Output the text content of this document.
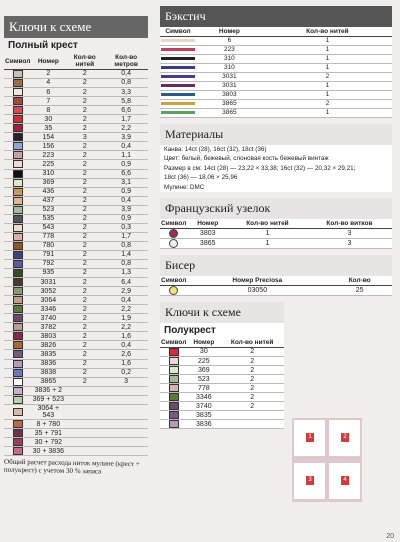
Ключи к схеме
Полный крест
Символ	Номер	Кол-во нитей	Кол-во метров
	2	2	0,4
	4	2	0,8
	6	2	3,3
	7	2	5,8
	8	2	6,6
	30	2	1,7
	35	2	2,2
	154	3	3,9
	156	2	0,4
	223	2	1,1
	225	2	0,9
	310	2	6,6
	369	2	3,1
	436	2	0,9
	437	2	0,4
	523	2	3,9
	535	2	0,9
	543	2	0,3
	778	2	1,7
	780	2	0,8
	791	2	1,4
	792	2	0,8
	935	2	1,3
	3031	2	6,4
	3052	2	2,9
	3064	2	0,4
	3346	2	2,2
	3740	2	1,9
	3782	2	2,2
	3803	2	1,6
	3826	2	0,4
	3835	2	2,6
	3836	2	1,6
	3838	2	0,2
	3865	2	3
	3836 + 2		
	369 + 523		
	3064 + 543		
	8 + 780		
	35 + 791		
	30 + 792		
	30 + 3836		
Общий расчет расхода ниток мулине (крест + полукрест) с учетом 30 % запаса
Бэкстич
Символ	Номер	Кол-во нитей
	6	1
	223	1
	310	1
	310	1
	3031	2
	3031	1
	3803	1
	3865	2
	3865	1
Материалы

Канва: 14ct (28), 16ct (32), 18ct (36)

Цвет: белый, бежевый, слоновая кость бежевый винтаж

Размер в см: 14ct (28) — 23,22 × 33,38; 16ct (32) — 20,32 × 29,21;

18ct (36) — 18,06 × 25,96

Мулине: DMC

Французский узелок
Символ	Номер	Кол-во нитей	Кол-во витков
	3803	1	3
	3865	1	3
Бисер
Символ	Номер Preciosa	Кол-во
	03050	25
Ключи к схеме
Полукрест
Символ	Номер	Кол-во нитей
	30	2
	225	2
	369	2
	523	2
	778	2
	3346	2
	3740	2
	3835	
	3836	
1	2
3	4
20
